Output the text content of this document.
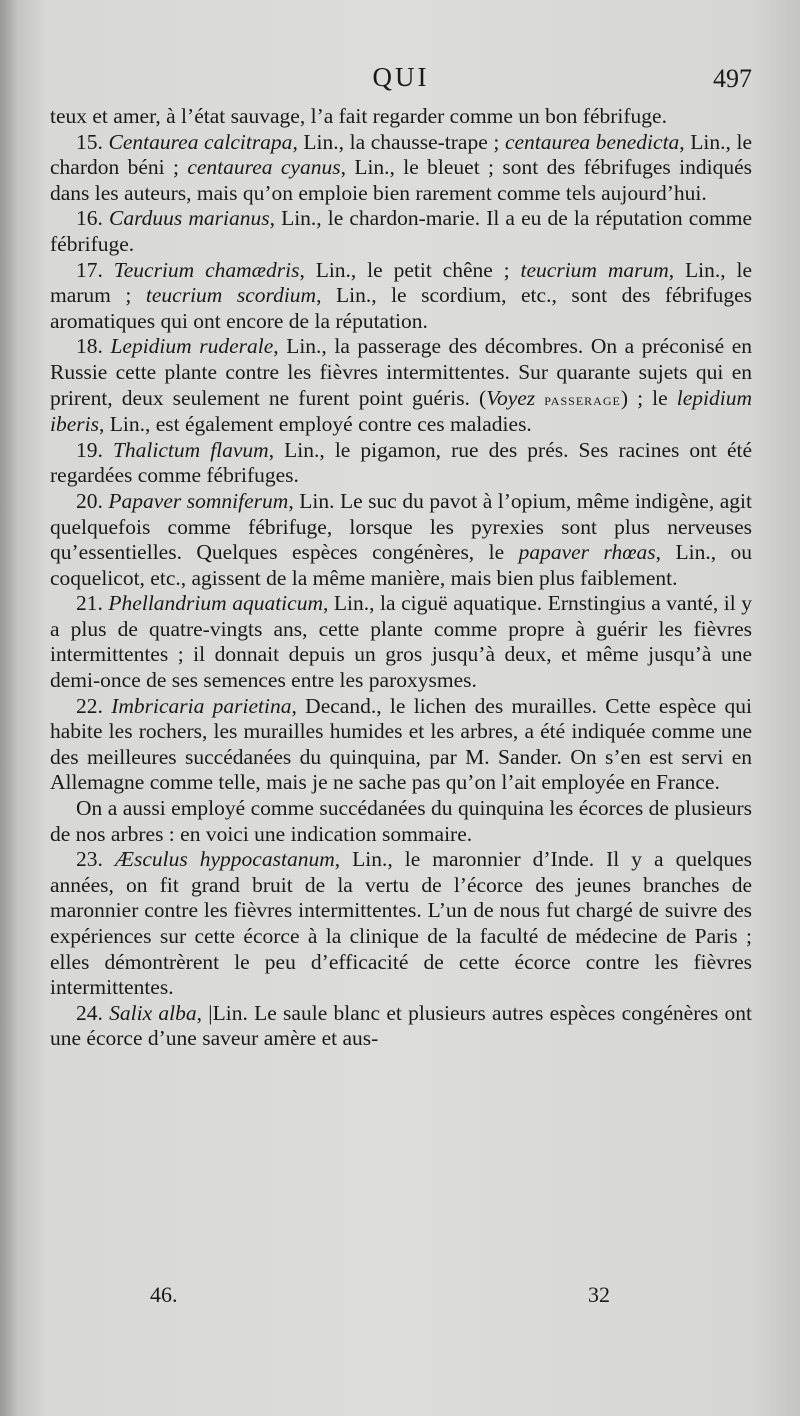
QUI	497

teux et amer, à l’état sauvage, l’a fait regarder comme un bon fébrifuge.

15. Centaurea calcitrapa, Lin., la chausse-trape ; centaurea benedicta, Lin., le chardon béni ; centaurea cyanus, Lin., le bleuet ; sont des fébrifuges indiqués dans les auteurs, mais qu’on emploie bien rarement comme tels aujourd’hui.

16. Carduus marianus, Lin., le chardon-marie. Il a eu de la réputation comme fébrifuge.

17. Teucrium chamædris, Lin., le petit chêne ; teucrium marum, Lin., le marum ; teucrium scordium, Lin., le scordium, etc., sont des fébrifuges aromatiques qui ont encore de la réputation.

18. Lepidium ruderale, Lin., la passerage des décombres. On a préconisé en Russie cette plante contre les fièvres intermittentes. Sur quarante sujets qui en prirent, deux seulement ne furent point guéris. (Voyez passerage) ; le lepidium iberis, Lin., est également employé contre ces maladies.

19. Thalictum flavum, Lin., le pigamon, rue des prés. Ses racines ont été regardées comme fébrifuges.

20. Papaver somniferum, Lin. Le suc du pavot à l’opium, même indigène, agit quelquefois comme fébrifuge, lorsque les pyrexies sont plus nerveuses qu’essentielles. Quelques espèces congénères, le papaver rhœas, Lin., ou coquelicot, etc., agissent de la même manière, mais bien plus faiblement.

21. Phellandrium aquaticum, Lin., la ciguë aquatique. Ernstingius a vanté, il y a plus de quatre-vingts ans, cette plante comme propre à guérir les fièvres intermittentes ; il donnait depuis un gros jusqu’à deux, et même jusqu’à une demi-once de ses semences entre les paroxysmes.

22. Imbricaria parietina, Decand., le lichen des murailles. Cette espèce qui habite les rochers, les murailles humides et les arbres, a été indiquée comme une des meilleures succédanées du quinquina, par M. Sander. On s’en est servi en Allemagne comme telle, mais je ne sache pas qu’on l’ait employée en France.

On a aussi employé comme succédanées du quinquina les écorces de plusieurs de nos arbres : en voici une indication sommaire.

23. Æsculus hyppocastanum, Lin., le maronnier d’Inde. Il y a quelques années, on fit grand bruit de la vertu de l’écorce des jeunes branches de maronnier contre les fièvres intermittentes. L’un de nous fut chargé de suivre des expériences sur cette écorce à la clinique de la faculté de médecine de Paris ; elles démontrèrent le peu d’efficacité de cette écorce contre les fièvres intermittentes.

24. Salix alba, |Lin. Le saule blanc et plusieurs autres espèces congénères ont une écorce d’une saveur amère et aus-

46.	32
